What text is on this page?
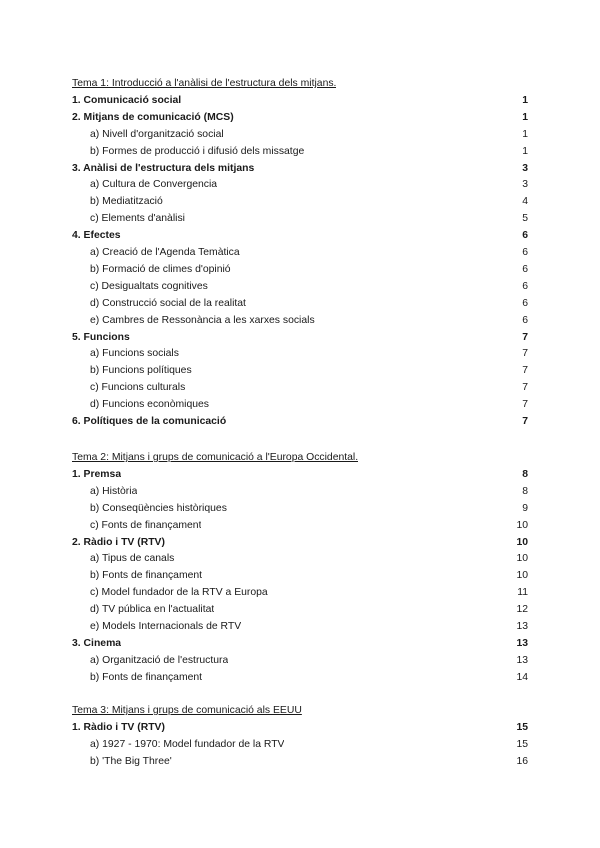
Tema 1: Introducció a l'anàlisi de l'estructura dels mitjans.
1. Comunicació social	1
2. Mitjans de comunicació (MCS)	1
a) Nivell d'organització social	1
b) Formes de producció i difusió dels missatge	1
3. Anàlisi de l'estructura dels mitjans	3
a) Cultura de Convergencia	3
b) Mediatització	4
c) Elements d'anàlisi	5
4. Efectes	6
a) Creació de l'Agenda Temàtica	6
b) Formació de climes d'opinió	6
c) Desigualtats cognitives	6
d) Construcció social de la realitat	6
e) Cambres de Ressonància a les xarxes socials	6
5. Funcions	7
a) Funcions socials	7
b) Funcions polítiques	7
c) Funcions culturals	7
d) Funcions econòmiques	7
6. Polítiques de la comunicació	7
Tema 2: Mitjans i grups de comunicació a l'Europa Occidental.
1. Premsa	8
a) Història	8
b) Conseqüències històriques	9
c) Fonts de finançament	10
2. Ràdio i TV (RTV)	10
a) Tipus de canals	10
b) Fonts de finançament	10
c) Model fundador de la RTV a Europa	11
d) TV pública en l'actualitat	12
e) Models Internacionals de RTV	13
3. Cinema	13
a) Organització de l'estructura	13
b) Fonts de finançament	14
Tema 3: Mitjans i grups de comunicació als EEUU
1. Ràdio i TV (RTV)	15
a) 1927 - 1970: Model fundador de la RTV	15
b) 'The Big Three'	16
